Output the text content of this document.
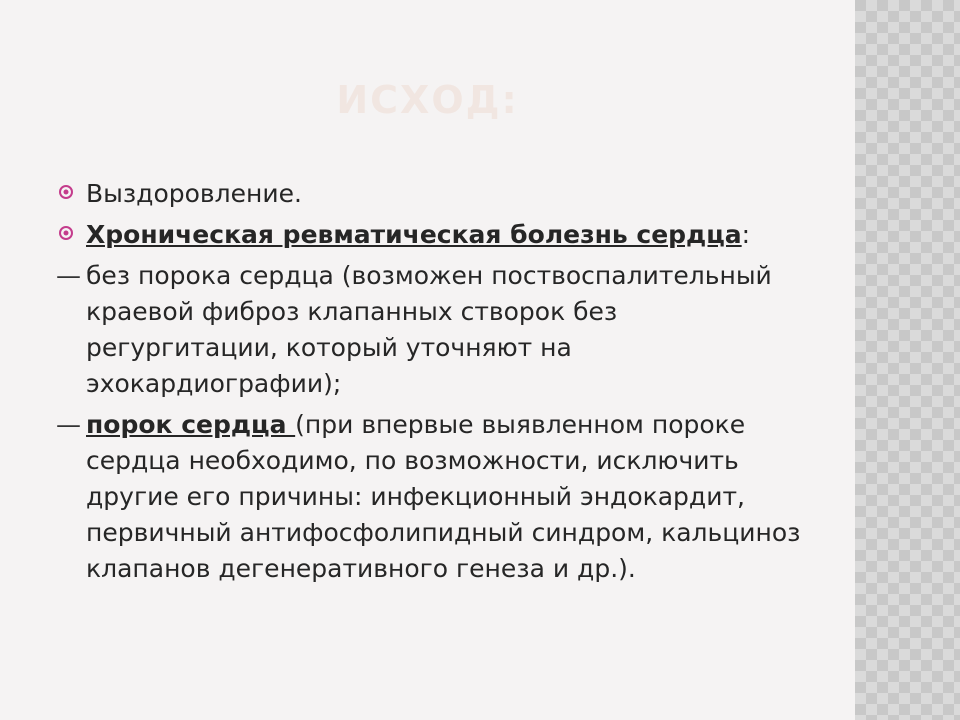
ИСХОД:
Выздоровление.
Хроническая ревматическая болезнь сердца:
— без порока сердца (возможен поствоспалительный краевой фиброз клапанных створок без регургитации, который уточняют на эхокардиографии);
— порок сердца (при впервые выявленном пороке сердца необходимо, по возможности, исключить другие его причины: инфекционный эндокардит, первичный антифосфолипидный синдром, кальциноз клапанов дегенеративного генеза и др.).
